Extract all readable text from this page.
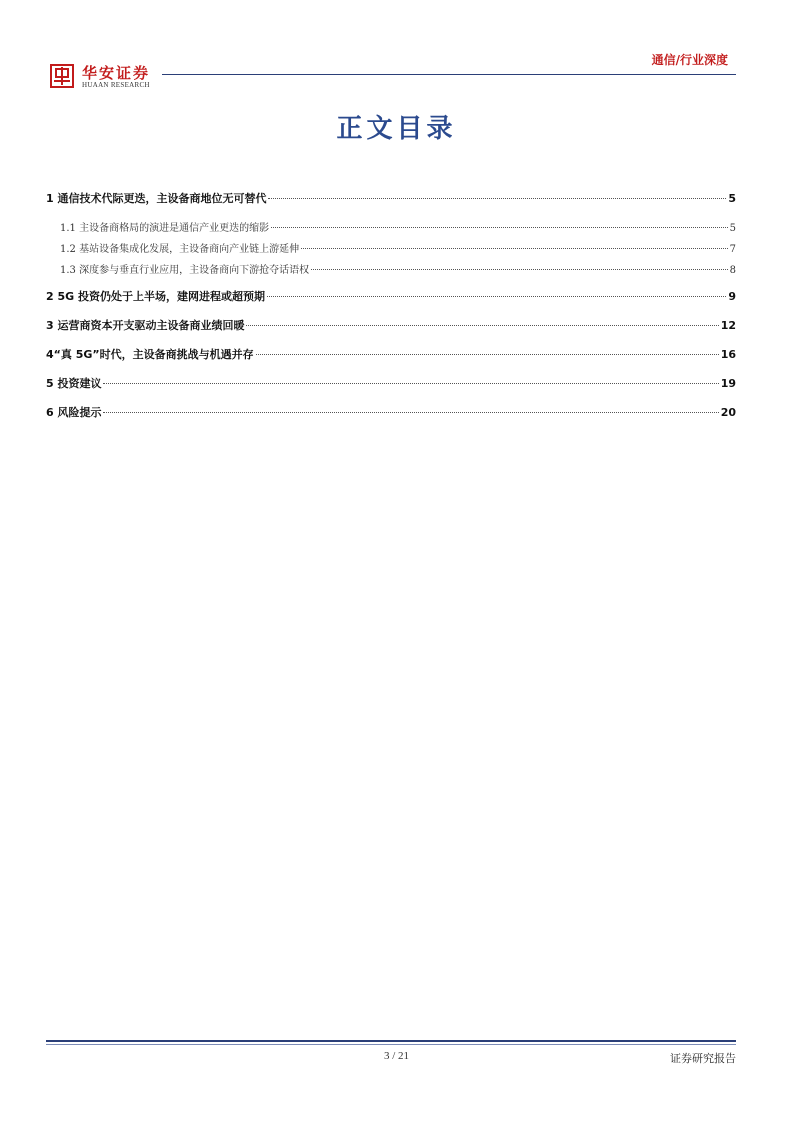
华安证券
HUAAN RESEARCH
通信/行业深度
正文目录
1 通信技术代际更迭，主设备商地位无可替代	5
1.1 主设备商格局的演进是通信产业更迭的缩影	5
1.2 基站设备集成化发展，主设备商向产业链上游延伸	7
1.3 深度参与垂直行业应用，主设备商向下游抢夺话语权	8
2 5G 投资仍处于上半场，建网进程或超预期	9
3 运营商资本开支驱动主设备商业绩回暖	12
4“真 5G”时代，主设备商挑战与机遇并存	16
5 投资建议	19
6 风险提示	20
3 / 21	证券研究报告
